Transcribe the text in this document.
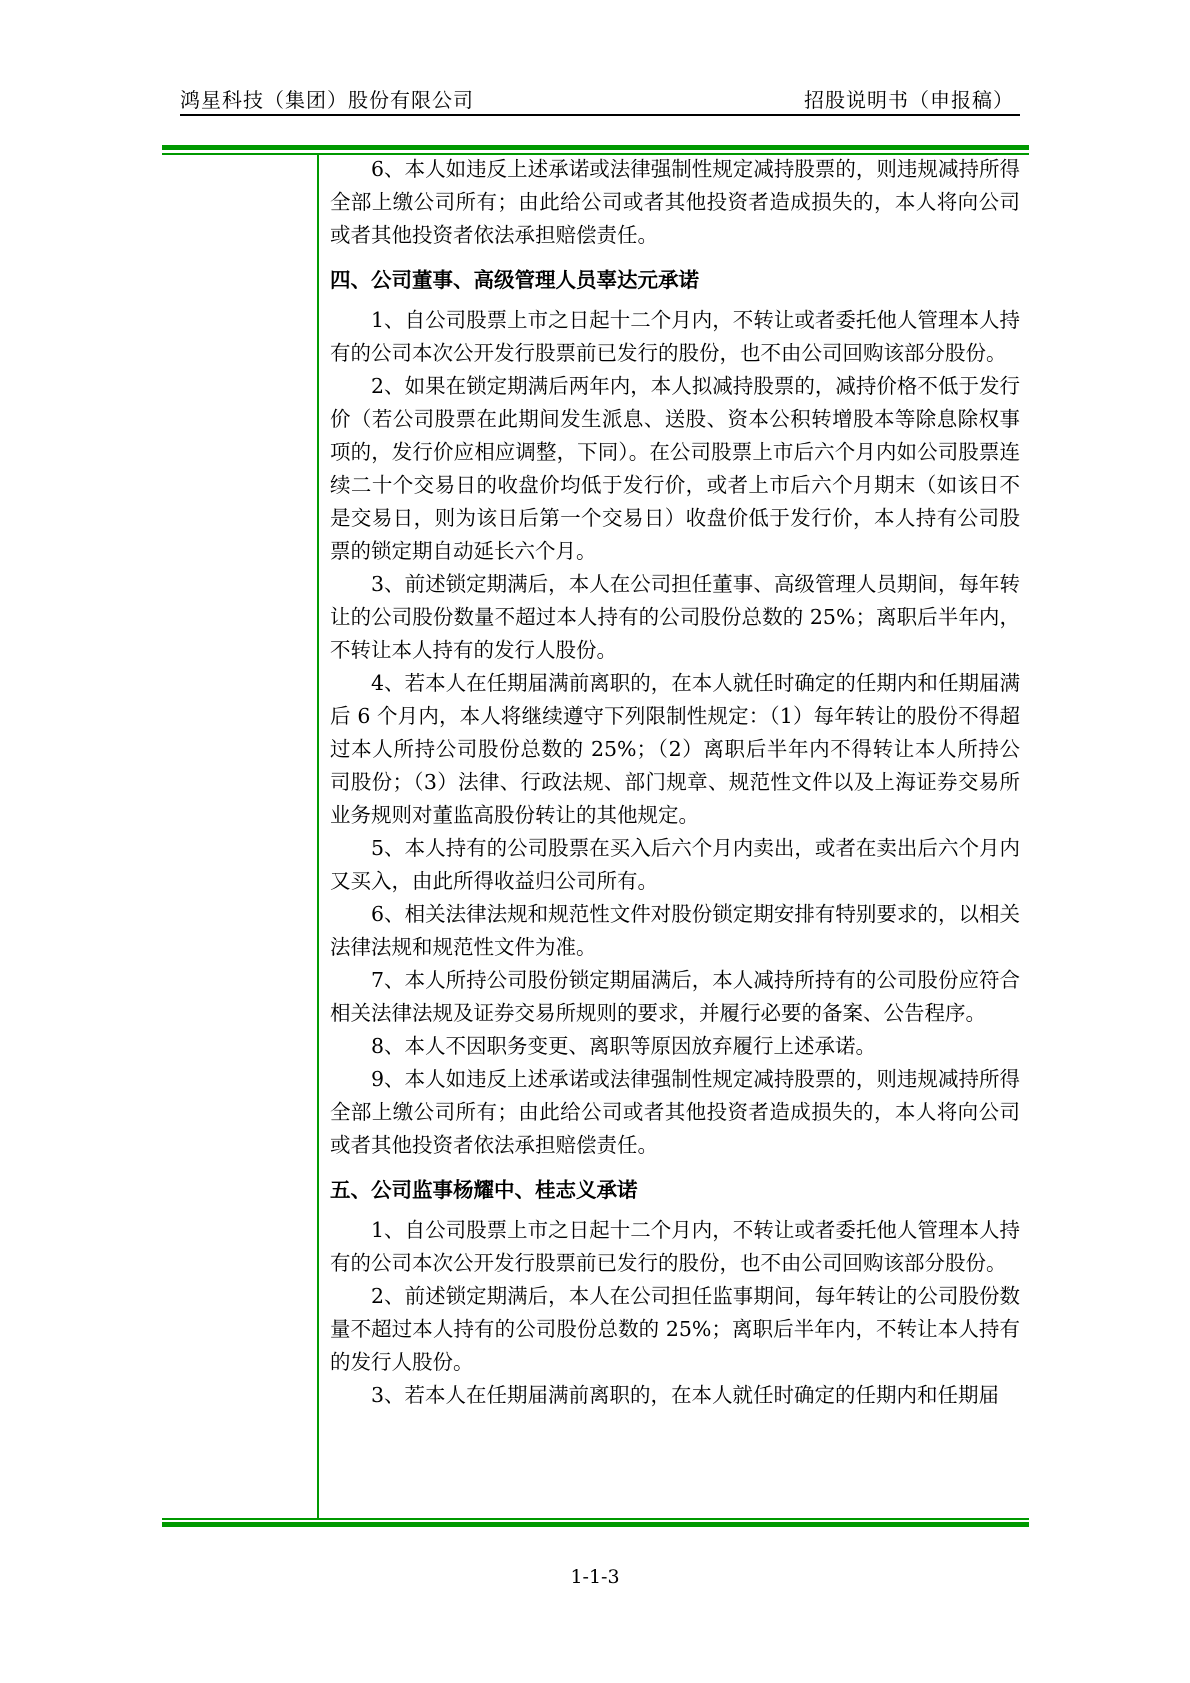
鸿星科技（集团）股份有限公司	招股说明书（申报稿）

6、本人如违反上述承诺或法律强制性规定减持股票的，则违规减持所得全部上缴公司所有；由此给公司或者其他投资者造成损失的，本人将向公司或者其他投资者依法承担赔偿责任。

四、公司董事、高级管理人员辜达元承诺

1、自公司股票上市之日起十二个月内，不转让或者委托他人管理本人持有的公司本次公开发行股票前已发行的股份，也不由公司回购该部分股份。

2、如果在锁定期满后两年内，本人拟减持股票的，减持价格不低于发行价（若公司股票在此期间发生派息、送股、资本公积转增股本等除息除权事项的，发行价应相应调整，下同）。在公司股票上市后六个月内如公司股票连续二十个交易日的收盘价均低于发行价，或者上市后六个月期末（如该日不是交易日，则为该日后第一个交易日）收盘价低于发行价，本人持有公司股票的锁定期自动延长六个月。

3、前述锁定期满后，本人在公司担任董事、高级管理人员期间，每年转让的公司股份数量不超过本人持有的公司股份总数的 25%；离职后半年内，不转让本人持有的发行人股份。

4、若本人在任期届满前离职的，在本人就任时确定的任期内和任期届满后 6 个月内，本人将继续遵守下列限制性规定：（1）每年转让的股份不得超过本人所持公司股份总数的 25%；（2）离职后半年内不得转让本人所持公司股份；（3）法律、行政法规、部门规章、规范性文件以及上海证券交易所业务规则对董监高股份转让的其他规定。

5、本人持有的公司股票在买入后六个月内卖出，或者在卖出后六个月内又买入，由此所得收益归公司所有。

6、相关法律法规和规范性文件对股份锁定期安排有特别要求的，以相关法律法规和规范性文件为准。

7、本人所持公司股份锁定期届满后，本人减持所持有的公司股份应符合相关法律法规及证券交易所规则的要求，并履行必要的备案、公告程序。

8、本人不因职务变更、离职等原因放弃履行上述承诺。

9、本人如违反上述承诺或法律强制性规定减持股票的，则违规减持所得全部上缴公司所有；由此给公司或者其他投资者造成损失的，本人将向公司或者其他投资者依法承担赔偿责任。

五、公司监事杨耀中、桂志义承诺

1、自公司股票上市之日起十二个月内，不转让或者委托他人管理本人持有的公司本次公开发行股票前已发行的股份，也不由公司回购该部分股份。

2、前述锁定期满后，本人在公司担任监事期间，每年转让的公司股份数量不超过本人持有的公司股份总数的 25%；离职后半年内，不转让本人持有的发行人股份。

3、若本人在任期届满前离职的，在本人就任时确定的任期内和任期届

1-1-3
